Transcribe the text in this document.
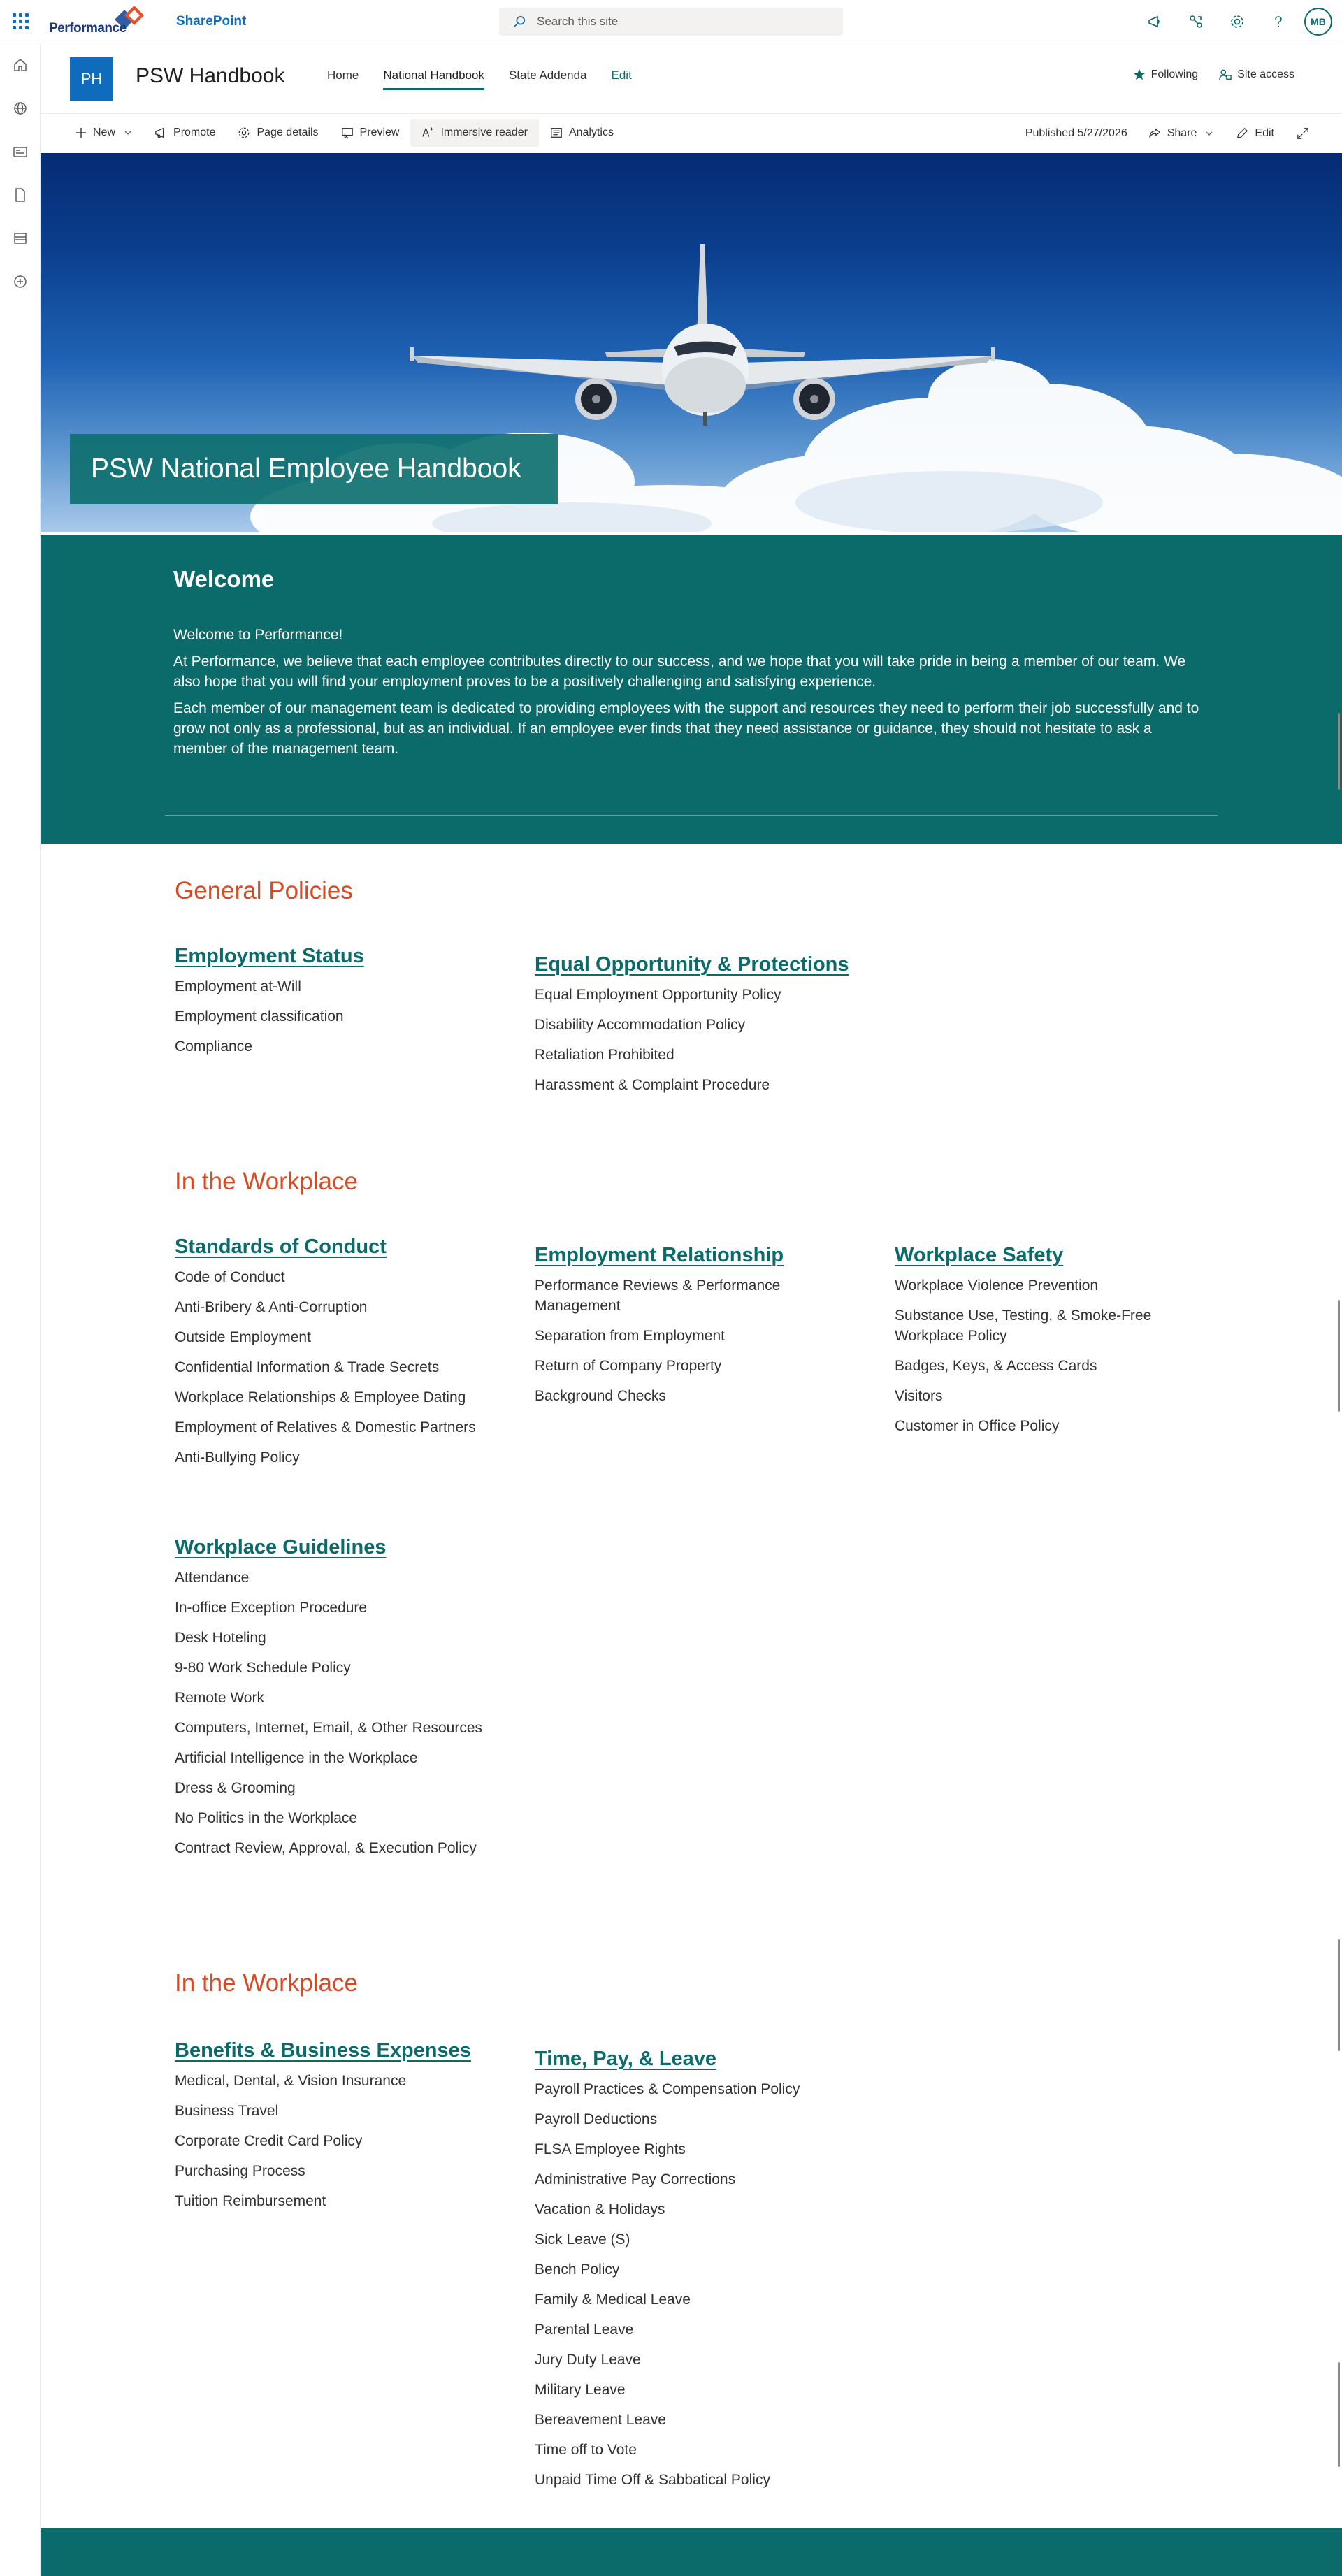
Performance	SharePoint
Search this site	MB
PH	PSW Handbook	Home National Handbook State Addenda Edit	Following	Site access
New	Promote	Page details	Preview	Immersive reader	Analytics	Published 5/27/2026	Share	Edit
PSW National Employee Handbook
Welcome

Welcome to Performance!

At Performance, we believe that each employee contributes directly to our success, and we hope that you will take pride in being a member of our team. We also hope that you will find your employment proves to be a positively challenging and satisfying experience.

Each member of our management team is dedicated to providing employees with the support and resources they need to perform their job successfully and to grow not only as a professional, but as an individual. If an employee ever finds that they need assistance or guidance, they should not hesitate to ask a member of the management team.

General Policies
Employment Status
Employment at-Will
Employment classification
Compliance
Equal Opportunity & Protections
Equal Employment Opportunity Policy
Disability Accommodation Policy
Retaliation Prohibited
Harassment & Complaint Procedure
In the Workplace
Standards of Conduct
Code of Conduct
Anti-Bribery & Anti-Corruption
Outside Employment
Confidential Information & Trade Secrets
Workplace Relationships & Employee Dating
Employment of Relatives & Domestic Partners
Anti-Bullying Policy
Employment Relationship
Performance Reviews & Performance Management
Separation from Employment
Return of Company Property
Background Checks
Workplace Safety
Workplace Violence Prevention
Substance Use, Testing, & Smoke-Free Workplace Policy
Badges, Keys, & Access Cards
Visitors
Customer in Office Policy
Workplace Guidelines
Attendance
In-office Exception Procedure
Desk Hoteling
9-80 Work Schedule Policy
Remote Work
Computers, Internet, Email, & Other Resources
Artificial Intelligence in the Workplace
Dress & Grooming
No Politics in the Workplace
Contract Review, Approval, & Execution Policy
In the Workplace
Benefits & Business Expenses
Medical, Dental, & Vision Insurance
Business Travel
Corporate Credit Card Policy
Purchasing Process
Tuition Reimbursement
Time, Pay, & Leave
Payroll Practices & Compensation Policy
Payroll Deductions
FLSA Employee Rights
Administrative Pay Corrections
Vacation & Holidays
Sick Leave (S)
Bench Policy
Family & Medical Leave
Parental Leave
Jury Duty Leave
Military Leave
Bereavement Leave
Time off to Vote
Unpaid Time Off & Sabbatical Policy
